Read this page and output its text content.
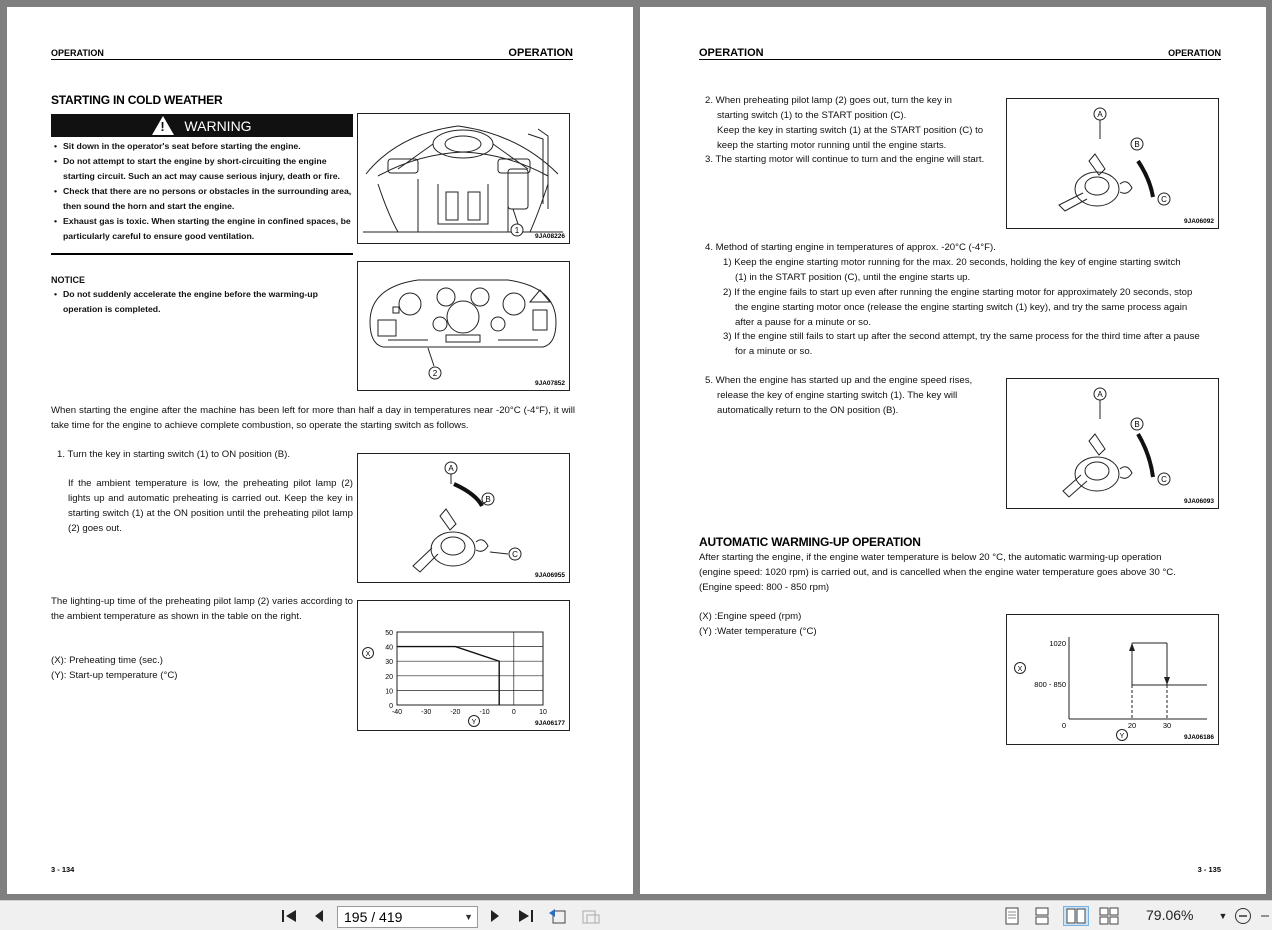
OPERATION	OPERATION
STARTING IN COLD WEATHER
! WARNING
• Sit down in the operator's seat before starting the engine.
• Do not attempt to start the engine by short-circuiting the engine starting circuit. Such an act may cause serious injury, death or fire.
• Check that there are no persons or obstacles in the surrounding area, then sound the horn and start the engine.
• Exhaust gas is toxic. When starting the engine in confined spaces, be particularly careful to ensure good ventilation.
NOTICE
• Do not suddenly accelerate the engine before the warming-up operation is completed.
1
9JA08226
2
9JA07852
When starting the engine after the machine has been left for more than half a day in temperatures near -20°C (-4°F), it will take time for the engine to achieve complete combustion, so operate the starting switch as follows.
1. Turn the key in starting switch (1) to ON position (B).
If the ambient temperature is low, the preheating pilot lamp (2) lights up and automatic preheating is carried out. Keep the key in starting switch (1) at the ON position until the preheating pilot lamp (2) goes out.
A
B
C
9JA06955
The lighting-up time of the preheating pilot lamp (2) varies according to the ambient temperature as shown in the table on the right.
(X): Preheating time (sec.)
(Y): Start-up temperature (°C)
0
10
20
30
40
50
-40	-30	-20	-10	0	10
X
Y	9JA06177
3 - 134
OPERATION	OPERATION
2. When preheating pilot lamp (2) goes out, turn the key in
starting switch (1) to the START position (C).
Keep the key in starting switch (1) at the START position (C) to
keep the starting motor running until the engine starts.
3. The starting motor will continue to turn and the engine will start.
A
B
C
9JA06092
4. Method of starting engine in temperatures of approx. -20°C (-4°F).
1) Keep the engine starting motor running for the max. 20 seconds, holding the key of engine starting switch
(1) in the START position (C), until the engine starts up.
2) If the engine fails to start up even after running the engine starting motor for approximately 20 seconds, stop
the engine starting motor once (release the engine starting switch (1) key), and try the same process again
after a pause for a minute or so.
3) If the engine still fails to start up after the second attempt, try the same process for the third time after a pause
for a minute or so.
5. When the engine has started up and the engine speed rises,
release the key of engine starting switch (1). The key will
automatically return to the ON position (B).
A
B
C
9JA06093
AUTOMATIC WARMING-UP OPERATION
After starting the engine, if the engine water temperature is below 20 °C, the automatic warming-up operation
(engine speed: 1020 rpm) is carried out, and is cancelled when the engine water temperature goes above 30 °C.
(Engine speed: 800 - 850 rpm)
(X) :Engine speed (rpm)
(Y) :Water temperature (°C)
1020
800 - 850
0	20	30
X
Y	9JA06186
3 - 135
195 / 419	▼	79.06%	▼
